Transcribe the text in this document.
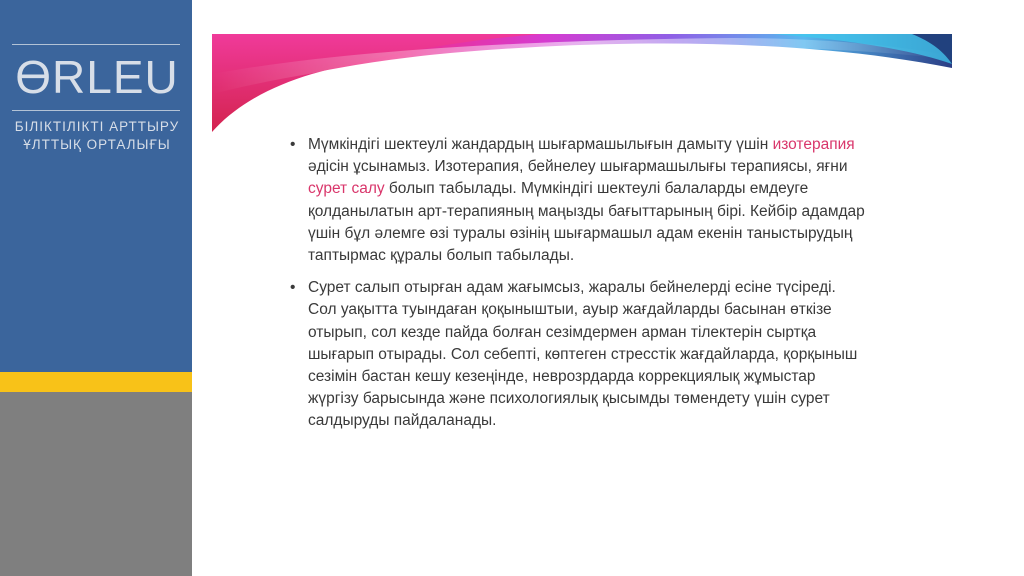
ӨRLEU
БІЛІКТІЛІКТІ АРТТЫРУ
ҰЛТТЫҚ ОРТАЛЫҒЫ	• Мүмкіндігі шектеулі жандардың шығармашылығын дамыту үшін изотерапия әдісін ұсынамыз. Изотерапия, бейнелеу шығармашылығы терапиясы, яғни сурет салу болып табылады. Мүмкіндігі шектеулі балаларды емдеуге қолданылатын арт-терапияның маңызды бағыттарының бірі. Кейбір адамдар үшін бұл әлемге өзі туралы өзінің шығармашыл адам екенін таныстырудың таптырмас құралы болып табылады.
• Сурет салып отырған адам жағымсыз, жаралы бейнелерді есіне түсіреді. Сол уақытта туындаған қоқыныштыи, ауыр жағдайларды басынан өткізе отырып, сол кезде пайда болған сезімдермен арман тілектерін сыртқа шығарып отырады. Сол себепті, көптеген стресстік жағдайларда, қорқыныш сезімін бастан кешу кезеңінде, неврозрдарда коррекциялық жұмыстар жүргізу барысында және психологиялық қысымды төмендету үшін сурет салдыруды пайдаланады.
